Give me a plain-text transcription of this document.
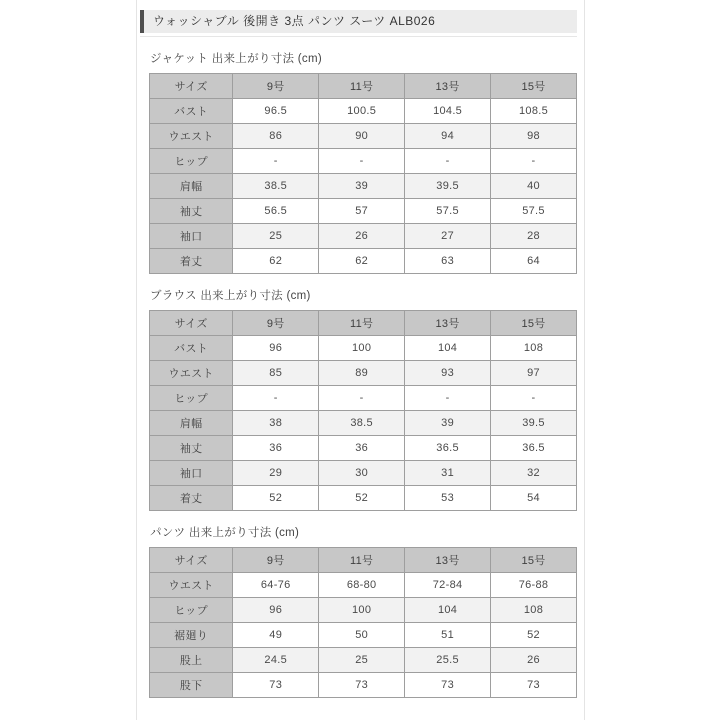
ウォッシャブル 後開き 3点 パンツ スーツ ALB026
ジャケット 出来上がり寸法 (cm)
サイズ	9号	11号	13号	15号
バスト	96.5	100.5	104.5	108.5
ウエスト	86	90	94	98
ヒップ	-	-	-	-
肩幅	38.5	39	39.5	40
袖丈	56.5	57	57.5	57.5
袖口	25	26	27	28
着丈	62	62	63	64
ブラウス 出来上がり寸法 (cm)
サイズ	9号	11号	13号	15号
バスト	96	100	104	108
ウエスト	85	89	93	97
ヒップ	-	-	-	-
肩幅	38	38.5	39	39.5
袖丈	36	36	36.5	36.5
袖口	29	30	31	32
着丈	52	52	53	54
パンツ 出来上がり寸法 (cm)
サイズ	9号	11号	13号	15号
ウエスト	64-76	68-80	72-84	76-88
ヒップ	96	100	104	108
裾廻り	49	50	51	52
股上	24.5	25	25.5	26
股下	73	73	73	73
